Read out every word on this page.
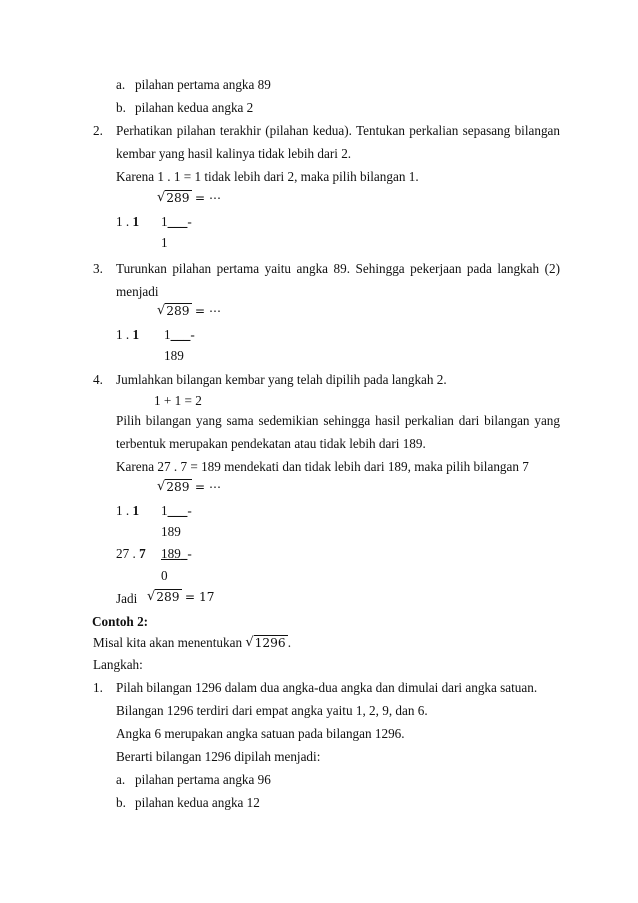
a. pilahan pertama angka 89
b. pilahan kedua angka 2
2. Perhatikan pilahan terakhir (pilahan kedua). Tentukan perkalian sepasang bilangan
kembar yang hasil kalinya tidak lebih dari 2.
Karena 1 . 1 = 1 tidak lebih dari 2, maka pilih bilangan 1.
√ 289
= ⋯
1 . 1 1___-
1
3. Turunkan pilahan pertama yaitu angka 89. Sehingga pekerjaan pada langkah (2)
menjadi
√ 289
= ⋯
1 . 1 1___-
189
4. Jumlahkan bilangan kembar yang telah dipilih pada langkah 2.
1 + 1 = 2
Pilih bilangan yang sama sedemikian sehingga hasil perkalian dari bilangan yang
terbentuk merupakan pendekatan atau tidak lebih dari 189.
Karena 27 . 7 = 189 mendekati dan tidak lebih dari 189, maka pilih bilangan 7
√ 289
= ⋯
1 . 1 1___-
189
27 . 7 189_-
0
Jadi √ 289
= 17
Contoh 2:
Misal kita akan menentukan √ 1296 .
Langkah:
1. Pilah bilangan 1296 dalam dua angka-dua angka dan dimulai dari angka satuan.
Bilangan 1296 terdiri dari empat angka yaitu 1, 2, 9, dan 6.
Angka 6 merupakan angka satuan pada bilangan 1296.
Berarti bilangan 1296 dipilah menjadi:
a. pilahan pertama angka 96
b. pilahan kedua angka 12
